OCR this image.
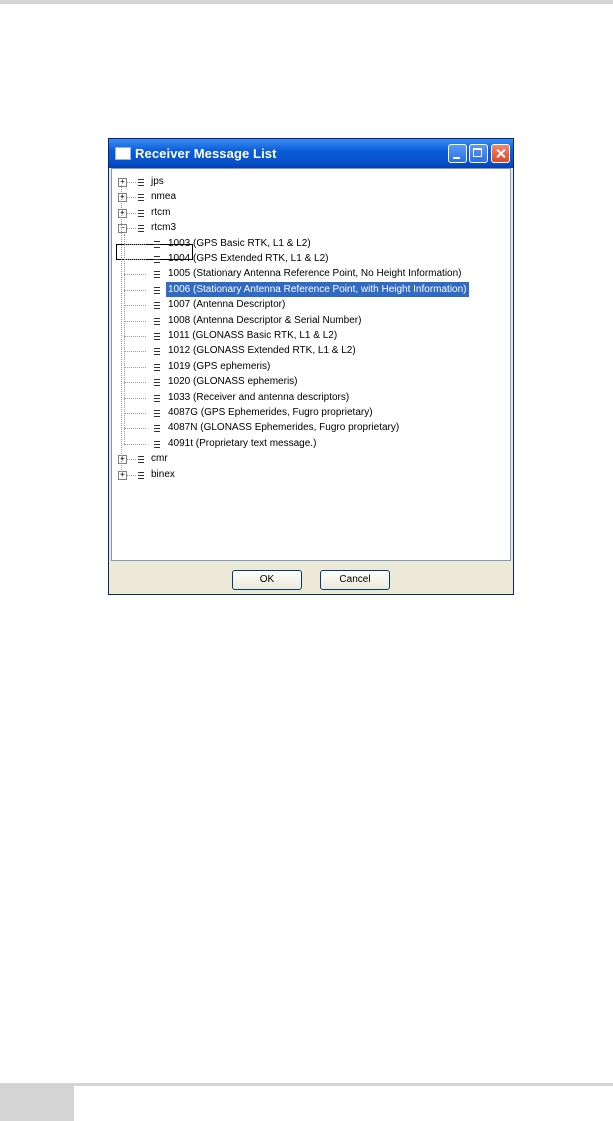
Receiver Message List
+	jps
+	nmea
+	rtcm
−	rtcm3
1003 (GPS Basic RTK, L1 & L2)
1004 (GPS Extended RTK, L1 & L2)
1005 (Stationary Antenna Reference Point, No Height Information)
1006 (Stationary Antenna Reference Point, with Height Information)
1007 (Antenna Descriptor)
1008 (Antenna Descriptor & Serial Number)
1011 (GLONASS Basic RTK, L1 & L2)
1012 (GLONASS Extended RTK, L1 & L2)
1019 (GPS ephemeris)
1020 (GLONASS ephemeris)
1033 (Receiver and antenna descriptors)
4087G (GPS Ephemerides, Fugro proprietary)
4087N (GLONASS Ephemerides, Fugro proprietary)
4091t (Proprietary text message.)
+	cmr
+	binex
OK	Cancel
